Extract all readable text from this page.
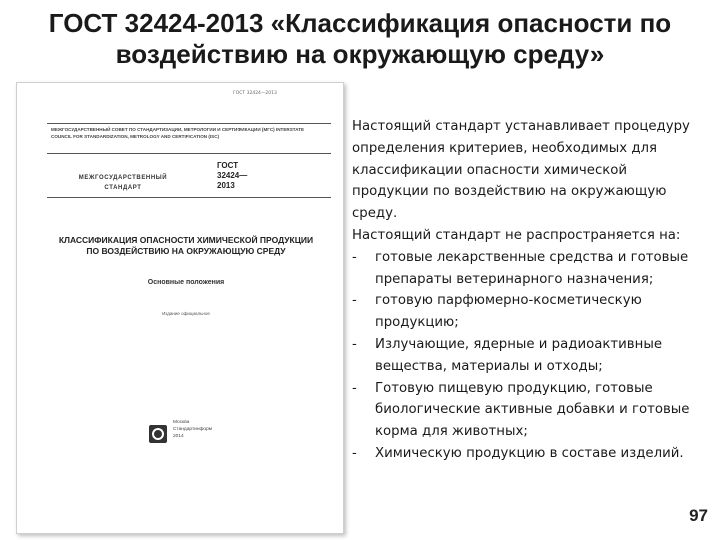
ГОСТ 32424-2013 «Классификация опасности по воздействию на окружающую среду»
ГОСТ 32424—2013
МЕЖГОСУДАРСТВЕННЫЙ СОВЕТ ПО СТАНДАРТИЗАЦИИ, МЕТРОЛОГИИ И СЕРТИФИКАЦИИ (МГС) INTERSTATE COUNCIL FOR STANDARDIZATION, METROLOGY AND CERTIFICATION (ISC)
МЕЖГОСУДАРСТВЕННЫЙ СТАНДАРТ
ГОСТ
32424—
2013
КЛАССИФИКАЦИЯ ОПАСНОСТИ ХИМИЧЕСКОЙ ПРОДУКЦИИ ПО ВОЗДЕЙСТВИЮ НА ОКРУЖАЮЩУЮ СРЕДУ
Основные положения
Издание официальное
Москва
Стандартинформ
2014

Настоящий стандарт устанавливает процедуру определения критериев, необходимых для классификации опасности химической продукции по воздействию на окружающую среду.

Настоящий стандарт не распространяется на:

- готовые лекарственные средства и готовые препараты ветеринарного назначения;
- готовую парфюмерно-косметическую продукцию;
- Излучающие, ядерные и радиоактивные вещества, материалы и отходы;
- Готовую пищевую продукцию, готовые биологические активные добавки и готовые корма для животных;
- Химическую продукцию в составе изделий.
97
